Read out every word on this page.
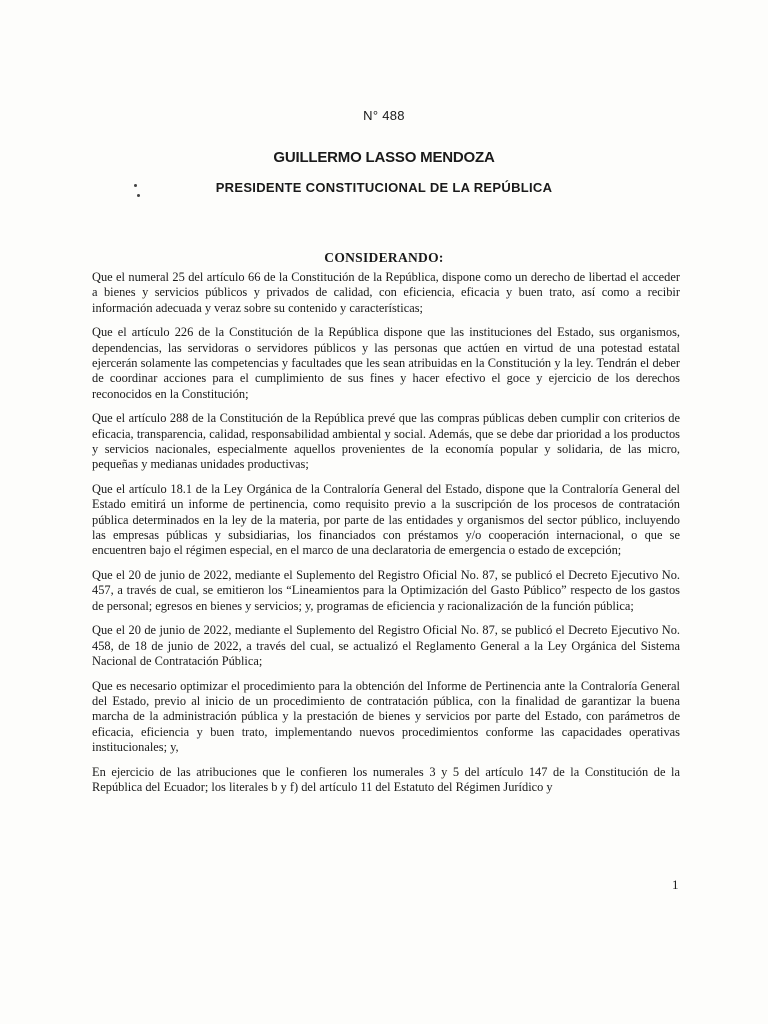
N° 488
GUILLERMO LASSO MENDOZA
PRESIDENTE CONSTITUCIONAL DE LA REPÚBLICA
CONSIDERANDO:

Que el numeral 25 del artículo 66 de la Constitución de la República, dispone como un derecho de libertad el acceder a bienes y servicios públicos y privados de calidad, con eficiencia, eficacia y buen trato, así como a recibir información adecuada y veraz sobre su contenido y características;

Que el artículo 226 de la Constitución de la República dispone que las instituciones del Estado, sus organismos, dependencias, las servidoras o servidores públicos y las personas que actúen en virtud de una potestad estatal ejercerán solamente las competencias y facultades que les sean atribuidas en la Constitución y la ley. Tendrán el deber de coordinar acciones para el cumplimiento de sus fines y hacer efectivo el goce y ejercicio de los derechos reconocidos en la Constitución;

Que el artículo 288 de la Constitución de la República prevé que las compras públicas deben cumplir con criterios de eficacia, transparencia, calidad, responsabilidad ambiental y social. Además, que se debe dar prioridad a los productos y servicios nacionales, especialmente aquellos provenientes de la economía popular y solidaria, de las micro, pequeñas y medianas unidades productivas;

Que el artículo 18.1 de la Ley Orgánica de la Contraloría General del Estado, dispone que la Contraloría General del Estado emitirá un informe de pertinencia, como requisito previo a la suscripción de los procesos de contratación pública determinados en la ley de la materia, por parte de las entidades y organismos del sector público, incluyendo las empresas públicas y subsidiarias, los financiados con préstamos y/o cooperación internacional, o que se encuentren bajo el régimen especial, en el marco de una declaratoria de emergencia o estado de excepción;

Que el 20 de junio de 2022, mediante el Suplemento del Registro Oficial No. 87, se publicó el Decreto Ejecutivo No. 457, a través de cual, se emitieron los “Lineamientos para la Optimización del Gasto Público” respecto de los gastos de personal; egresos en bienes y servicios; y, programas de eficiencia y racionalización de la función pública;

Que el 20 de junio de 2022, mediante el Suplemento del Registro Oficial No. 87, se publicó el Decreto Ejecutivo No. 458, de 18 de junio de 2022, a través del cual, se actualizó el Reglamento General a la Ley Orgánica del Sistema Nacional de Contratación Pública;

Que es necesario optimizar el procedimiento para la obtención del Informe de Pertinencia ante la Contraloría General del Estado, previo al inicio de un procedimiento de contratación pública, con la finalidad de garantizar la buena marcha de la administración pública y la prestación de bienes y servicios por parte del Estado, con parámetros de eficacia, eficiencia y buen trato, implementando nuevos procedimientos conforme las capacidades operativas institucionales; y,

En ejercicio de las atribuciones que le confieren los numerales 3 y 5 del artículo 147 de la Constitución de la República del Ecuador; los literales b y f) del artículo 11 del Estatuto del Régimen Jurídico y

1
